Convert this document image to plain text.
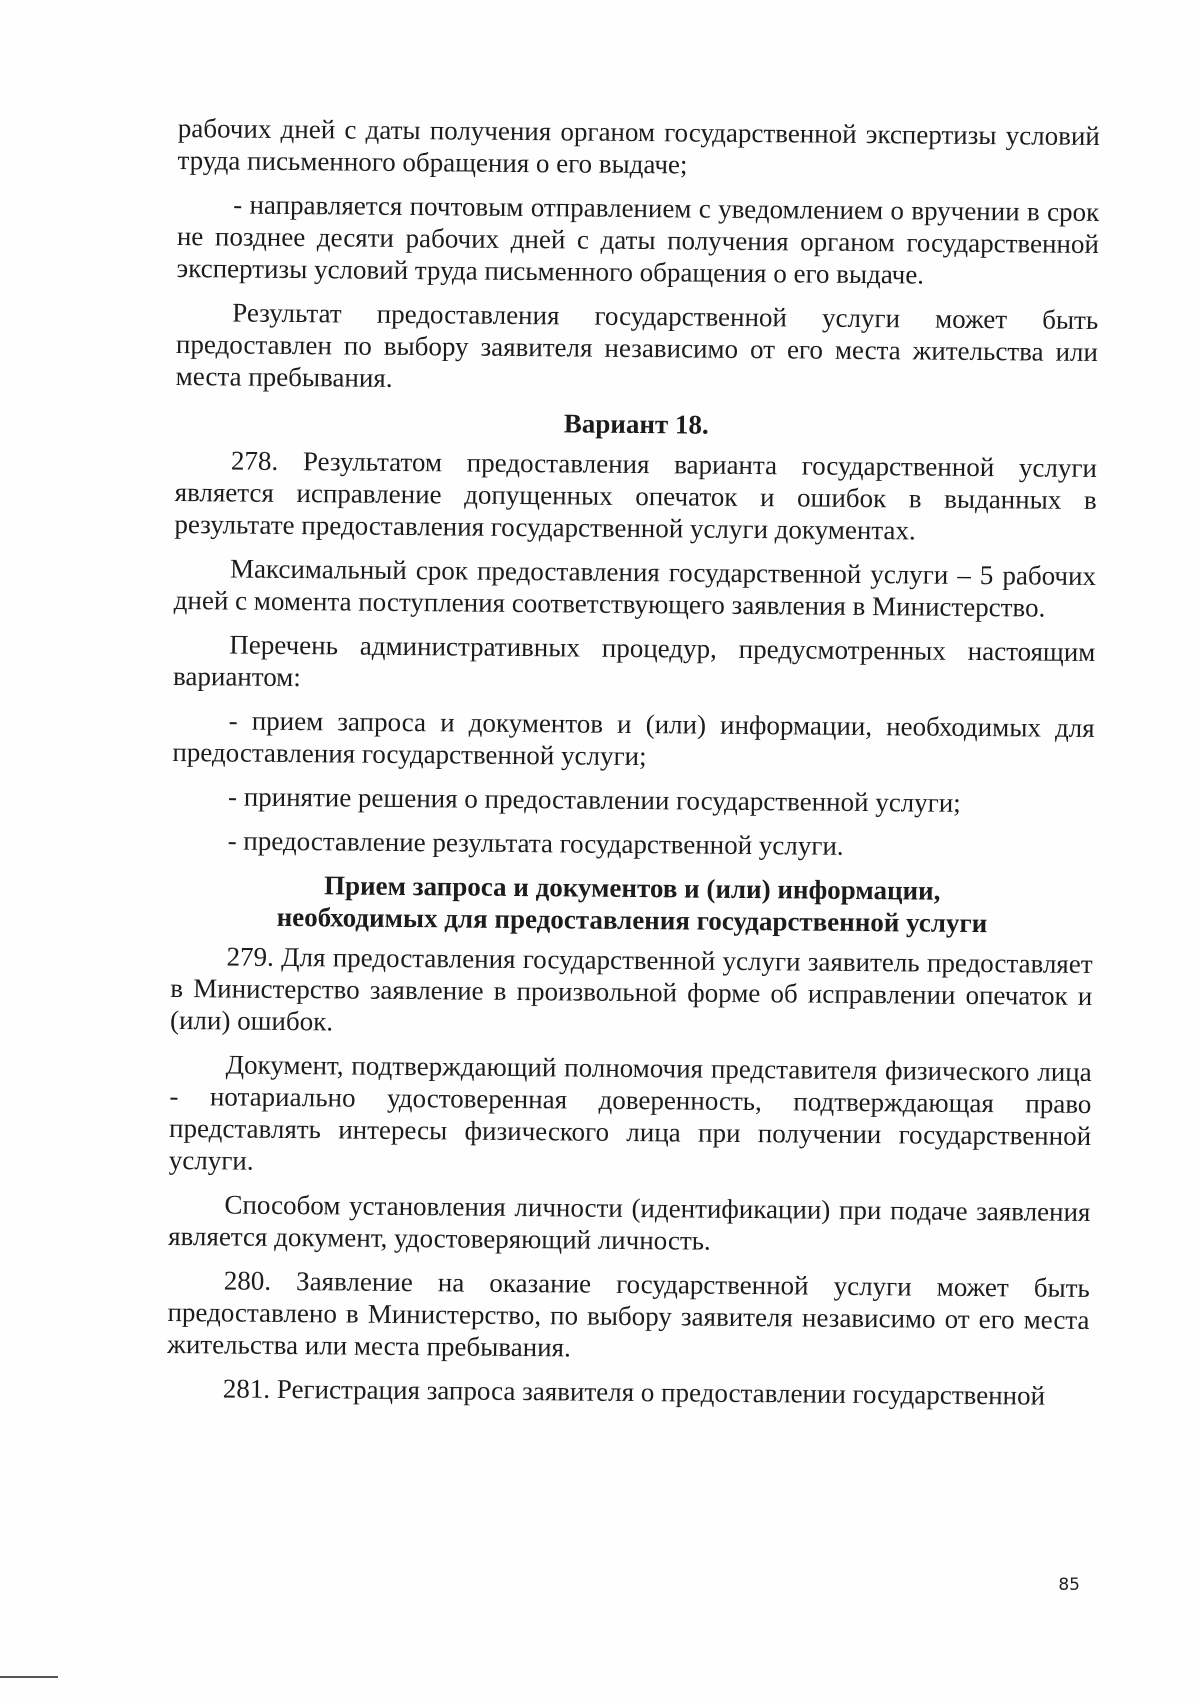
рабочих дней с даты получения органом государственной экспертизы условий труда письменного обращения о его выдаче;

- направляется почтовым отправлением с уведомлением о вручении в срок не позднее десяти рабочих дней с даты получения органом государственной экспертизы условий труда письменного обращения о его выдаче.

Результат предоставления государственной услуги может быть предоставлен по выбору заявителя независимо от его места жительства или места пребывания.

Вариант 18.

278. Результатом предоставления варианта государственной услуги является исправление допущенных опечаток и ошибок в выданных в результате предоставления государственной услуги документах.

Максимальный срок предоставления государственной услуги – 5 рабочих дней с момента поступления соответствующего заявления в Министерство.

Перечень административных процедур, предусмотренных настоящим вариантом:

- прием запроса и документов и (или) информации, необходимых для предоставления государственной услуги;

- принятие решения о предоставлении государственной услуги;

- предоставление результата государственной услуги.

Прием запроса и документов и (или) информации,
необходимых для предоставления государственной услуги

279. Для предоставления государственной услуги заявитель предоставляет в Министерство заявление в произвольной форме об исправлении опечаток и (или) ошибок.

Документ, подтверждающий полномочия представителя физического лица - нотариально удостоверенная доверенность, подтверждающая право представлять интересы физического лица при получении государственной услуги.

Способом установления личности (идентификации) при подаче заявления является документ, удостоверяющий личность.

280. Заявление на оказание государственной услуги может быть предоставлено в Министерство, по выбору заявителя независимо от его места жительства или места пребывания.

281. Регистрация запроса заявителя о предоставлении государственной

85
